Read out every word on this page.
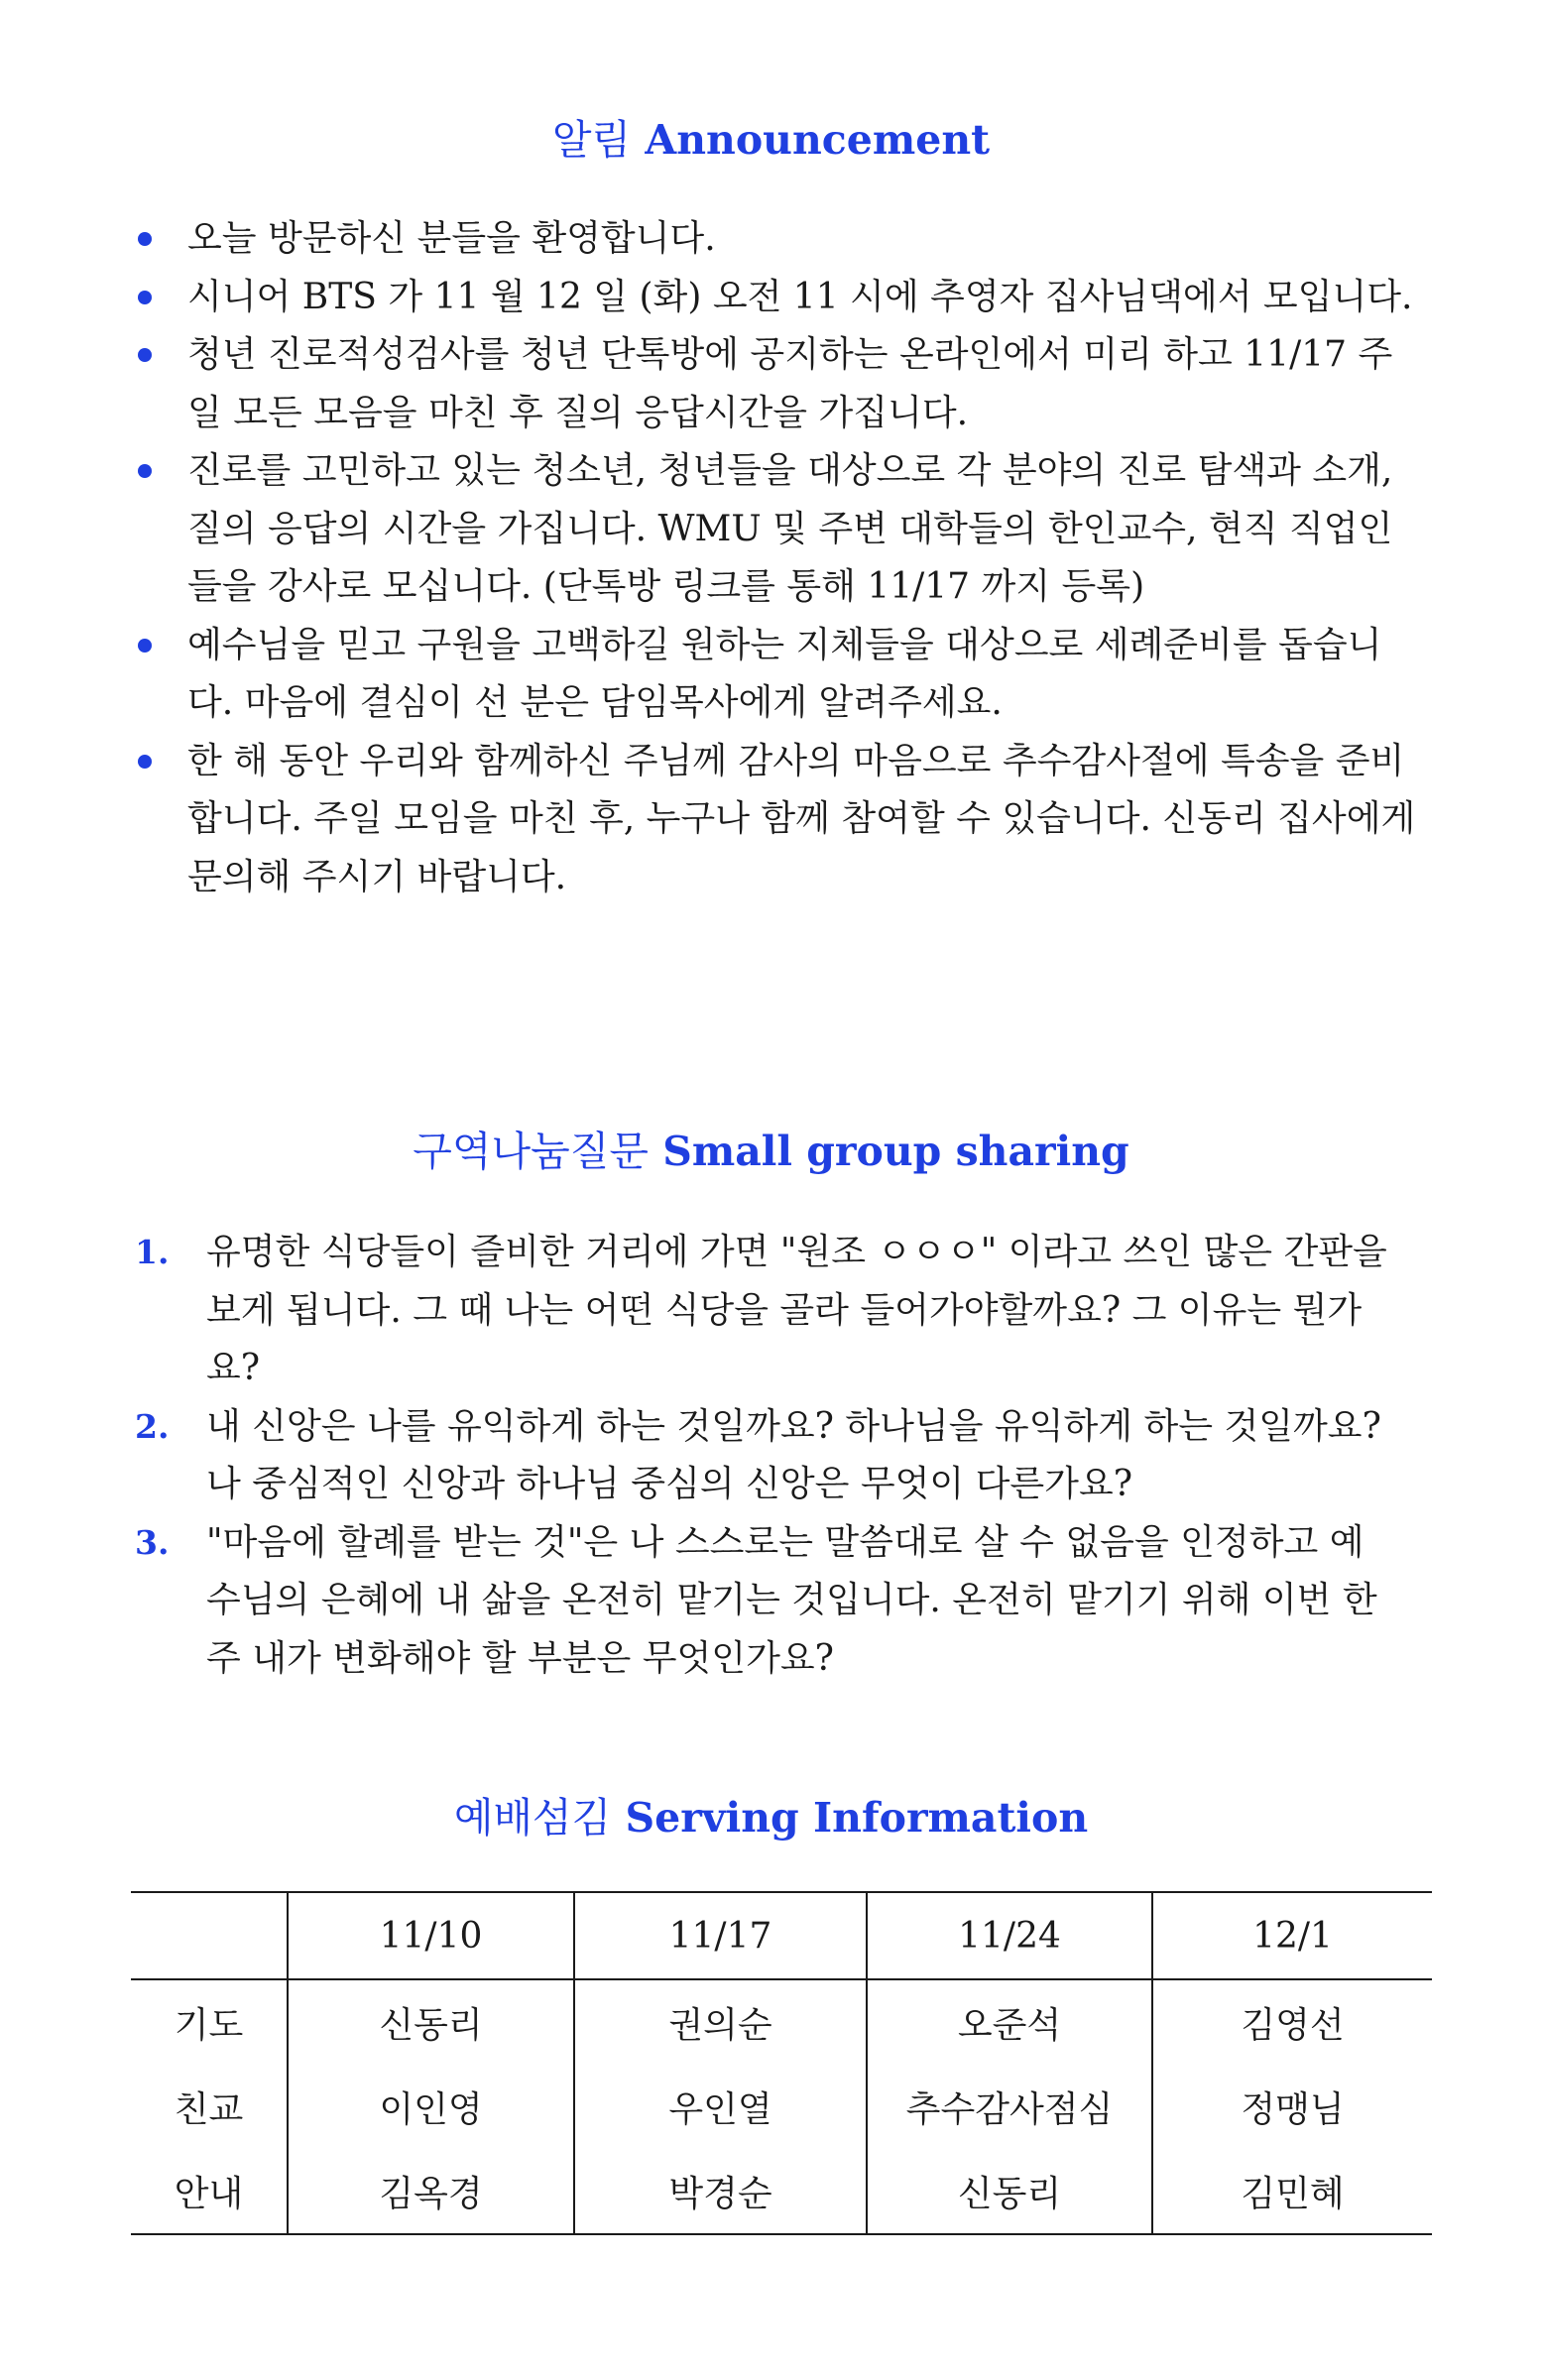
알림 Announcement
오늘 방문하신 분들을 환영합니다.
시니어 BTS 가 11 월 12 일 (화) 오전 11 시에 추영자 집사님댁에서 모입니다.
청년 진로적성검사를 청년 단톡방에 공지하는 온라인에서 미리 하고 11/17 주일 모든 모음을 마친 후 질의 응답시간을 가집니다.
진로를 고민하고 있는 청소년, 청년들을 대상으로 각 분야의 진로 탐색과 소개, 질의 응답의 시간을 가집니다. WMU 및 주변 대학들의 한인교수, 현직 직업인들을 강사로 모십니다. (단톡방 링크를 통해 11/17 까지 등록)
예수님을 믿고 구원을 고백하길 원하는 지체들을 대상으로 세례준비를 돕습니다. 마음에 결심이 선 분은 담임목사에게 알려주세요.
한 해 동안 우리와 함께하신 주님께 감사의 마음으로 추수감사절에 특송을 준비합니다. 주일 모임을 마친 후, 누구나 함께 참여할 수 있습니다. 신동리 집사에게 문의해 주시기 바랍니다.
구역나눔질문 Small group sharing
1. 유명한 식당들이 즐비한 거리에 가면 "원조 ㅇㅇㅇ" 이라고 쓰인 많은 간판을 보게 됩니다. 그 때 나는 어떤 식당을 골라 들어가야할까요? 그 이유는 뭔가요?
2. 내 신앙은 나를 유익하게 하는 것일까요? 하나님을 유익하게 하는 것일까요? 나 중심적인 신앙과 하나님 중심의 신앙은 무엇이 다른가요?
3. "마음에 할례를 받는 것"은 나 스스로는 말씀대로 살 수 없음을 인정하고 예수님의 은혜에 내 삶을 온전히 맡기는 것입니다. 온전히 맡기기 위해 이번 한주 내가 변화해야 할 부분은 무엇인가요?
예배섬김 Serving Information
	11/10	11/17	11/24	12/1
기도	신동리	권의순	오준석	김영선
친교	이인영	우인열	추수감사점심	정맹님
안내	김옥경	박경순	신동리	김민혜
